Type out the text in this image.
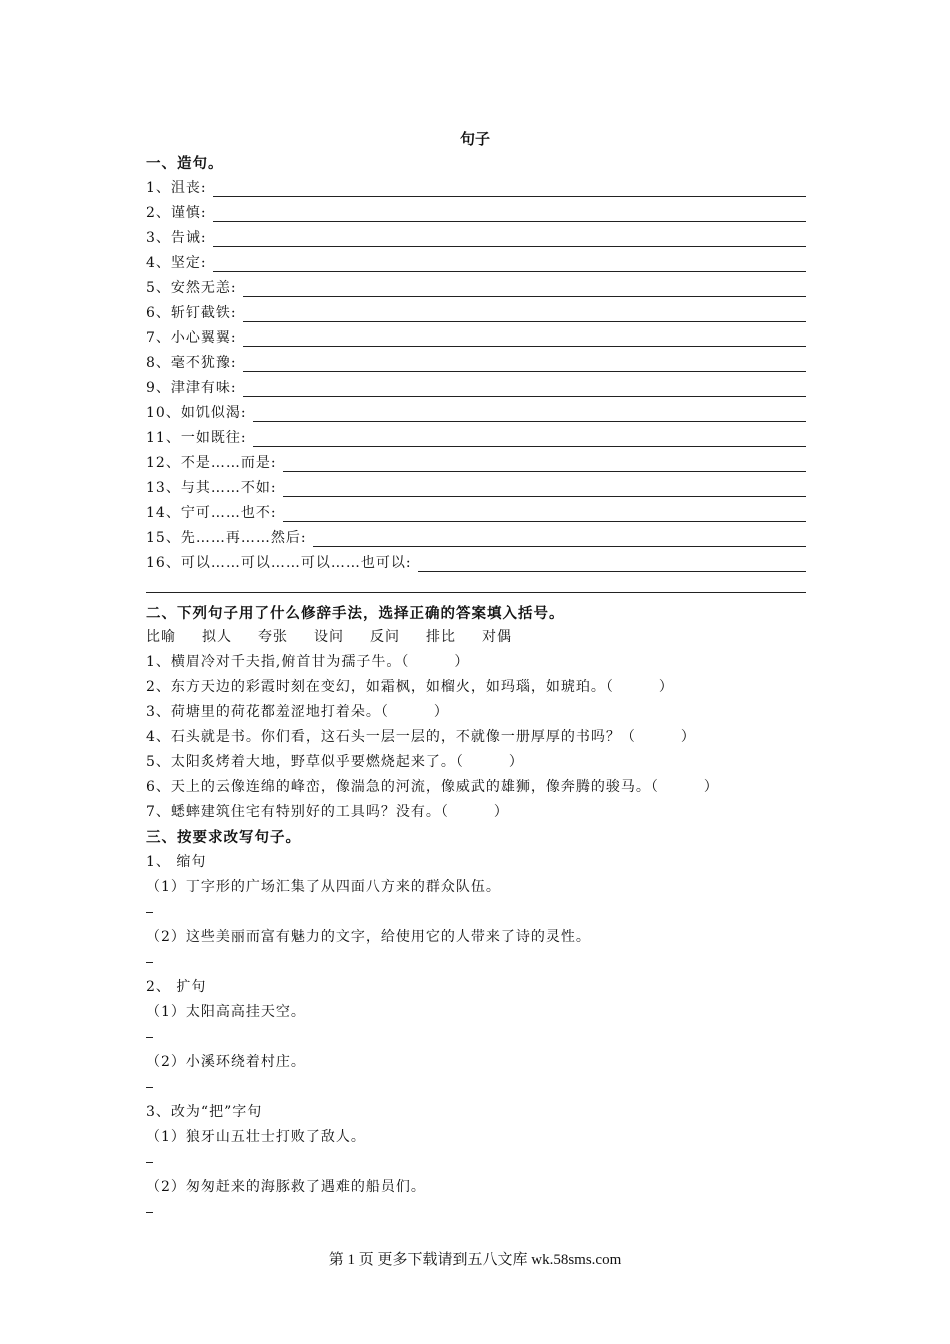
句子
一、造句。
1、沮丧:
2、谨慎:
3、告诫:
4、坚定:
5、安然无恙:
6、斩钉截铁:
7、小心翼翼:
8、毫不犹豫:
9、津津有味:
10、如饥似渴:
11、一如既往:
12、不是……而是:
13、与其……不如:
14、宁可……也不:
15、先……再……然后:
16、可以……可以……可以……也可以:
二、下列句子用了什么修辞手法，选择正确的答案填入括号。
比喻 拟人 夸张 设问 反问 排比 对偶
1、横眉冷对千夫指,俯首甘为孺子牛。（　　　）
2、东方天边的彩霞时刻在变幻，如霜枫，如榴火，如玛瑙，如琥珀。（　　　）
3、荷塘里的荷花都羞涩地打着朵。（　　　）
4、石头就是书。你们看，这石头一层一层的，不就像一册厚厚的书吗？（　　　）
5、太阳炙烤着大地，野草似乎要燃烧起来了。（　　　）
6、天上的云像连绵的峰峦，像湍急的河流，像威武的雄狮，像奔腾的骏马。（　　　）
7、蟋蟀建筑住宅有特别好的工具吗？没有。（　　　）
三、按要求改写句子。
1、 缩句
（1）丁字形的广场汇集了从四面八方来的群众队伍。
（2）这些美丽而富有魅力的文字，给使用它的人带来了诗的灵性。
2、 扩句
（1）太阳高高挂天空。
（2）小溪环绕着村庄。
3、改为“把”字句
（1）狼牙山五壮士打败了敌人。
（2）匆匆赶来的海豚救了遇难的船员们。
第 1 页 更多下载请到五八文库 wk.58sms.com
